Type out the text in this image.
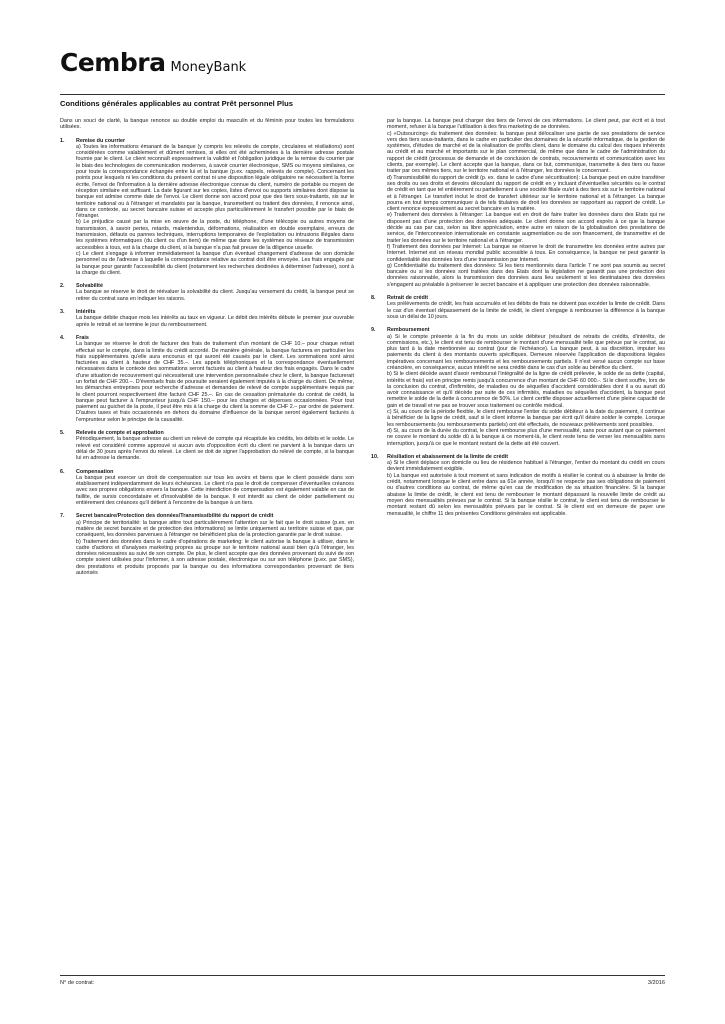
Cembra MoneyBank
Conditions générales applicables au contrat Prêt personnel Plus

Dans un souci de clarté, la banque renonce au double emploi du masculin et du féminin pour toutes les formulations utilisées.

1.	Remise du courrier

a) Toutes les informations émanant de la banque (y compris les relevés de compte, circulaires et résiliations) sont considérées comme valablement et dûment remises, si elles ont été acheminées à la dernière adresse postale fournie par le client. Le client reconnaît expressément la validité et l'obligation juridique de la remise du courrier par le biais des technologies de communication modernes, à savoir courrier électronique, SMS ou moyens similaires, ce pour toute la correspondance échangée entre lui et la banque (p.ex. rappels, relevés de compte). Concernant les points pour lesquels ni les conditions du présent contrat ni une disposition légale obligatoire ne nécessitent la forme écrite, l'envoi de l'information à la dernière adresse électronique connue du client, numéro de portable ou moyen de réception similaire est suffisant. La date figurant sur les copies, listes d'envoi ou supports similaires dont dispose la banque est admise comme date de l'envoi. Le client donne son accord pour que des tiers sous-traitants, sis sur le territoire national ou à l'étranger et mandatés par la banque, transmettent ou traitent des données, il renonce ainsi, dans ce contexte, au secret bancaire suisse et accepte plus particulièrement le transfert possible par le biais de l'étranger.

b) Le préjudice causé par la mise en œuvre de la poste, du téléphone, d'une télécopie ou autres moyens de transmission, à savoir pertes, retards, malentendus, déformations, réalisation en double exemplaire, erreurs de transmission, défauts ou pannes techniques, interruptions temporaires de l'exploitation ou intrusions illégales dans les systèmes informatiques (du client ou d'un tiers) de même que dans les systèmes ou réseaux de transmission accessibles à tous, est à la charge du client, si la banque n'a pas fait preuve de la diligence usuelle.

c) Le client s'engage à informer immédiatement la banque d'un éventuel changement d'adresse de son domicile personnel ou de l'adresse à laquelle la correspondance relative au contrat doit être envoyée. Les frais engagés par la banque pour garantir l'accessibilité du client (notamment les recherches destinées à déterminer l'adresse), sont à la charge du client.

2.	Solvabilité

La banque se réserve le droit de réévaluer la solvabilité du client. Jusqu'au versement du crédit, la banque peut se retirer du contrat sans en indiquer les raisons.

3.	Intérêts

La banque débite chaque mois les intérêts au taux en vigueur. Le débit des intérêts débute le premier jour ouvrable après le retrait et se termine le jour du remboursement.

4.	Frais

La banque se réserve le droit de facturer des frais de traitement d'un montant de CHF 10.– pour chaque retrait effectué sur le compte, dans la limite du crédit accordé. De manière générale, la banque facturera en particulier les frais supplémentaires qu'elle aura encourus et qui auront été causés par le client. Les sommations sont ainsi facturées au client à hauteur de CHF 35.–. Les appels téléphoniques et la correspondance éventuellement nécessaires dans le contexte des sommations seront facturés au client à hauteur des frais engagés. Dans le cadre d'une situation de recouvrement qui nécessiterait une intervention personnalisée chez le client, la banque facturerait un forfait de CHF 200.–. D'éventuels frais de poursuite seraient également imputés à la charge du client. De même, les démarches entreprises pour recherche d'adresse et demandes de relevé de compte supplémentaire requis par le client pourront respectivement être facturé CHF 25.–. En cas de cessation prématurée du contrat de crédit, la banque peut facturer à l'emprunteur jusqu'à CHF 150.– pour les charges et dépenses occasionnées. Pour tout paiement au guichet de la poste, il peut être mis à la charge du client la somme de CHF 2.– par ordre de paiement. D'autres taxes et frais occasionnés en dehors du domaine d'influence de la banque seront également facturés à l'emprunteur selon le principe de la causalité.

5.	Relevés de compte et approbation

Périodiquement, la banque adresse au client un relevé de compte qui récapitule les crédits, les débits et le solde. Le relevé est considéré comme approuvé si aucun avis d'opposition écrit du client ne parvient à la banque dans un délai de 30 jours après l'envoi du relevé. Le client se doit de signer l'approbation du relevé de compte, si la banque lui en adresse la demande.

6.	Compensation

La banque peut exercer un droit de compensation sur tous les avoirs et biens que le client possède dans son établissement indépendamment de leurs échéances. Le client n'a pas le droit de compenser d'éventuelles créances avec ses propres obligations envers la banque. Cette interdiction de compensation est également valable en cas de faillite, de sursis concordataire et d'insolvabilité de la banque. Il est interdit au client de céder partiellement ou entièrement des créances qu'il détient à l'encontre de la banque à un tiers.

7.	Secret bancaire/Protection des données/Transmissibilité du rapport de crédit

a) Principe de territorialité: la banque attire tout particulièrement l'attention sur le fait que le droit suisse (p.ex. en matière de secret bancaire et de protection des informations) se limite uniquement au territoire suisse et que, par conséquent, les données parvenues à l'étranger ne bénéficient plus de la protection garantie par le droit suisse.

b) Traitement des données dans le cadre d'opérations de marketing: le client autorise la banque à utiliser, dans le cadre d'actions et d'analyses marketing propres au groupe sur le territoire national aussi bien qu'à l'étranger, les données nécessaires au suivi de son compte. De plus, le client accepte que des données provenant du suivi de son compte soient utilisées pour l'informer, à son adresse postale, électronique ou sur son téléphone (p.ex. par SMS), des prestations et produits proposés par la banque ou des informations correspondantes provenant de tiers autorisés

par la banque. La banque peut charger des tiers de l'envoi de ces informations. Le client peut, par écrit et à tout moment, refuser à la banque l'utilisation à des fins marketing de se données.

c) «Outsourcing» du traitement des données: la banque peut délocaliser une partie de ses prestations de service vers des tiers sous-traitants, dans le cadre en particulier des domaines de la sécurité informatique, de la gestion de systèmes, d'études de marché et de la réalisation de profils client, dans le domaine du calcul des risques inhérents au crédit et au marché et importants sur le plan commercial, de même que dans le cadre de l'administration du rapport de crédit (processus de demande et de conclusion de contrats, recouvrements et communication avec les clients, par exemple). Le client accepte que la banque, dans ce but, communique, transmette à des tiers ou fasse traiter par ces mêmes tiers, sur le territoire national et à l'étranger, les données le concernant.

d) Transmissibilité du rapport de crédit (p. ex. dans le cadre d'une sécuritisation): La banque peut en outre transférer ses droits ou ses droits et devoirs découlant du rapport de crédit en y incluant d'éventuelles sécurités ou le contrat de crédit en tant que tel entièrement ou partiellement à une société filiale ou/et à des tiers sis sur le territoire national et à l'étranger. Le transfert inclut le droit de transfert ultérieur sur le territoire national et à l'étranger. La banque pourra en tout temps communiquer à de tels titulaires de droit les données se rapportant au rapport de crédit. Le client renonce expressément au secret bancaire en la matière.

e) Traitement des données à l'étranger: La banque est en droit de faire traiter les données dans des Etats qui ne disposent pas d'une protection des données adéquate. Le client donne son accord exprès à ce que la banque décide au cas par cas, selon sa libre appréciation, entre autre en raison de la globalisation des prestations de service, de l'interconnexion internationale en constante augmentation ou de son financement, de transmettre et de traiter les données sur le territoire national et à l'étranger.

f) Traitement des données par Internet: La banque se réserve le droit de transmettre les données entre autres par Internet. Internet est un réseau mondial public accessible à tous. En conséquence, la banque ne peut garantir la confidentialité des données lors d'une transmission par Internet.

g) Confidentialité du traitement des données: Si les tiers mentionnés dans l'article 7 ne sont pas soumis au secret bancaire ou si les données sont traitées dans des Etats dont la législation ne garantit pas une protection des données raisonnable, alors la transmission des données aura lieu seulement si les destinataires des données s'engagent au préalable à préserver le secret bancaire et à appliquer une protection des données raisonnable.

8.	Retrait de crédit

Les prélèvements de crédit, les frais accumulés et les débits de frais ne doivent pas excéder la limite de crédit. Dans le cas d'un éventuel dépassement de la limite de crédit, le client s'engage à rembourser la différence à la banque sous un délai de 10 jours.

9.	Remboursement

a) Si le compte présente à la fin du mois un solde débiteur (résultant de retraits de crédits, d'intérêts, de commissions, etc.), le client est tenu de rembourser le montant d'une mensualité telle que prévue par le contrat, au plus tard à la date mentionnée au contrat (jour de l'échéance). La banque peut, à sa discrétion, imputer les paiements du client à des montants ouverts spécifiques. Demeure réservée l'application de dispositions légales impératives concernant les remboursements et les remboursements partiels. Il n'est versé aucun compte sur base créancière, en conséquence, aucun intérêt ne sera crédité dans le cas d'un solde au bénéfice du client.

b) Si le client décède avant d'avoir remboursé l'intégralité de la ligne de crédit prélevée, le solde de sa dette (capital, intérêts et frais) est en principe remis jusqu'à concurrence d'un montant de CHF 60 000.-. Si le client souffre, lors de la conclusion du contrat, d'infirmités, de maladies ou de séquelles d'accident considérables dont il a ou aurait dû avoir connaissance et qu'il décède par suite de ces infirmités, maladies ou séquelles d'accident, la banque peut remettre le solde de la dette à concurrence de 50%. Le client certifie disposer actuellement d'une pleine capacité de gain et de travail et ne pas se trouver sous traitement ou contrôle médical.

c) Si, au cours de la période flexible, le client rembourse l'entier du solde débiteur à la date du paiement, il continue à bénéficier de la ligne de crédit, sauf si le client informe la banque par écrit qu'il désire solder le compte. Lorsque les remboursements (ou remboursements partiels) ont été effectués, de nouveaux prélèvements sont possibles.

d) Si, au cours de la durée du contrat, le client rembourse plus d'une mensualité, sans pour autant que ce paiement ne couvre le montant du solde dû à la banque à ce moment-là, le client reste tenu de verser les mensualités sans interruption, jusqu'à ce que le montant restant de la dette ait été couvert.

10.	Résiliation et abaissement de la limite de crédit

a) Si le client déplace son domicile ou lieu de résidence habituel à l'étranger, l'entier du montant du crédit en cours devient immédiatement exigible.

b) La banque est autorisée à tout moment et sans indication de motifs à résilier le contrat ou à abaisser la limite de crédit, notamment lorsque le client entre dans sa 61e année, lorsqu'il ne respecte pas ses obligations de paiement ou d'autres conditions au contrat, de même qu'en cas de modification de sa situation financière. Si la banque abaisse la limite de crédit, le client est tenu de rembourser le montant dépassant la nouvelle limite de crédit au moyen des mensualités prévues par le contrat. Si la banque résilie le contrat, le client est tenu de rembourser le montant restant dû selon les mensualités prévues par le contrat. Si le client est en demeure de payer une mensualité, le chiffre 11 des présentes Conditions générales est applicable.

N° de contrat:	3/2016
